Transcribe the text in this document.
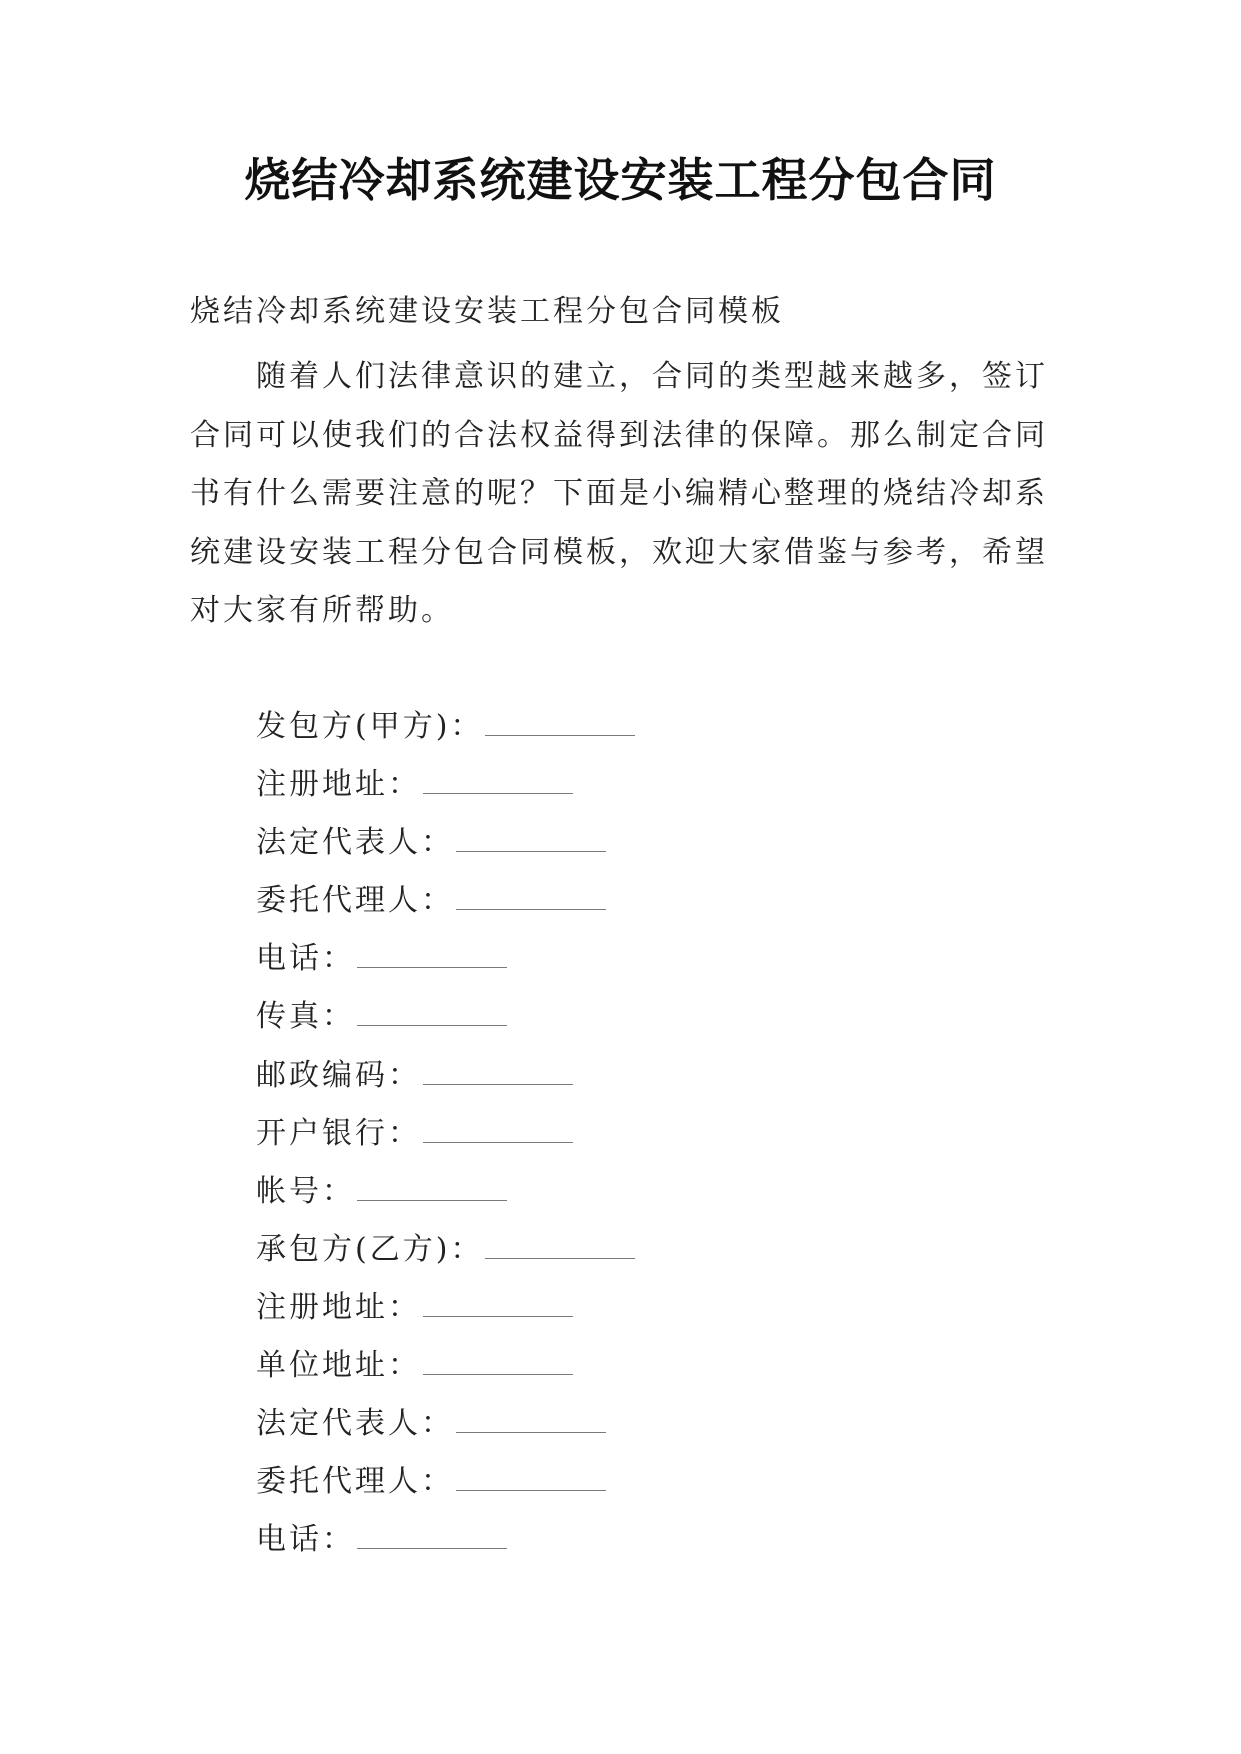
烧结冷却系统建设安装工程分包合同
烧结冷却系统建设安装工程分包合同模板
随着人们法律意识的建立，合同的类型越来越多，签订合同可以使我们的合法权益得到法律的保障。那么制定合同书有什么需要注意的呢？下面是小编精心整理的烧结冷却系统建设安装工程分包合同模板，欢迎大家借鉴与参考，希望对大家有所帮助。
发包方(甲方)：
注册地址：
法定代表人：
委托代理人：
电话：
传真：
邮政编码：
开户银行：
帐号：
承包方(乙方)：
注册地址：
单位地址：
法定代表人：
委托代理人：
电话：
